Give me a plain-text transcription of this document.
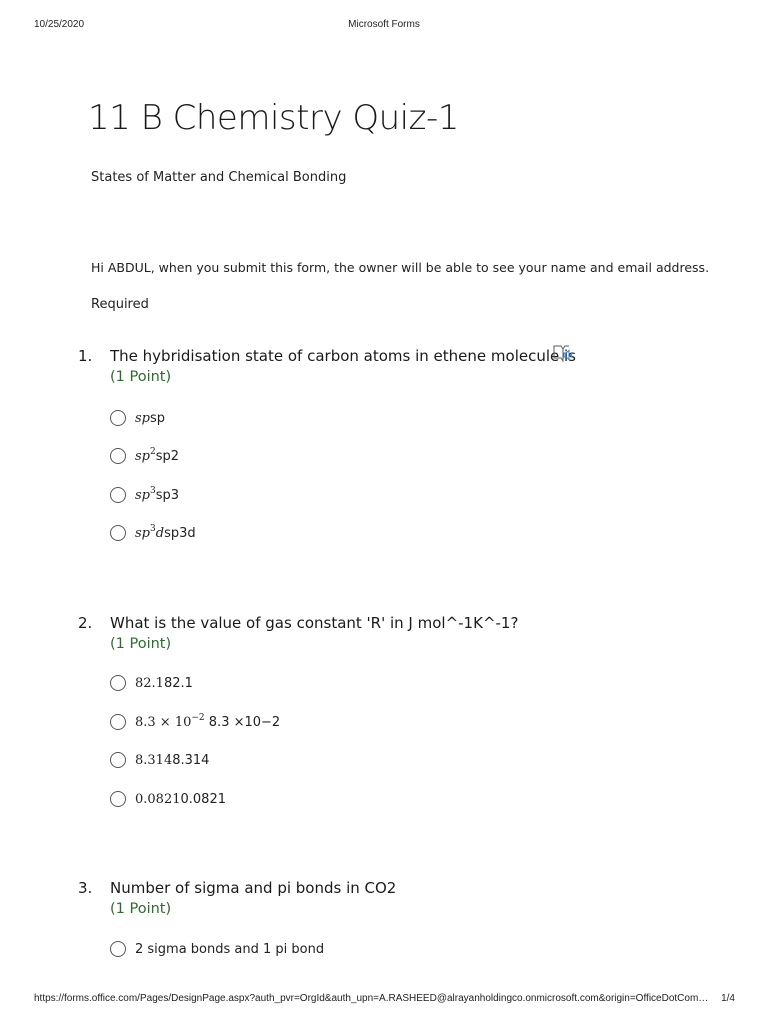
10/25/2020	Microsoft Forms
11 B Chemistry Quiz-1
States of Matter and Chemical Bonding
Hi ABDUL, when you submit this form, the owner will be able to see your name and email address.
Required
1. The hybridisation state of carbon atoms in ethene molecule is
(1 Point)
spsp
$sp^2sp2$
$sp^3sp3$
$sp^3dsp3d$
2. What is the value of gas constant 'R' in J mol^-1K^-1?
(1 Point)
82.182.1
$8.3 \times 10^{-2}$ 8.3 ×10−2
8.3148.314
0.08210.0821
3. Number of sigma and pi bonds in CO2
(1 Point)
2 sigma bonds and 1 pi bond
https://forms.office.com/Pages/DesignPage.aspx?auth_pvr=OrgId&auth_upn=A.RASHEED@alrayanholdingco.onmicrosoft.com&origin=OfficeDotCom… 1/4
